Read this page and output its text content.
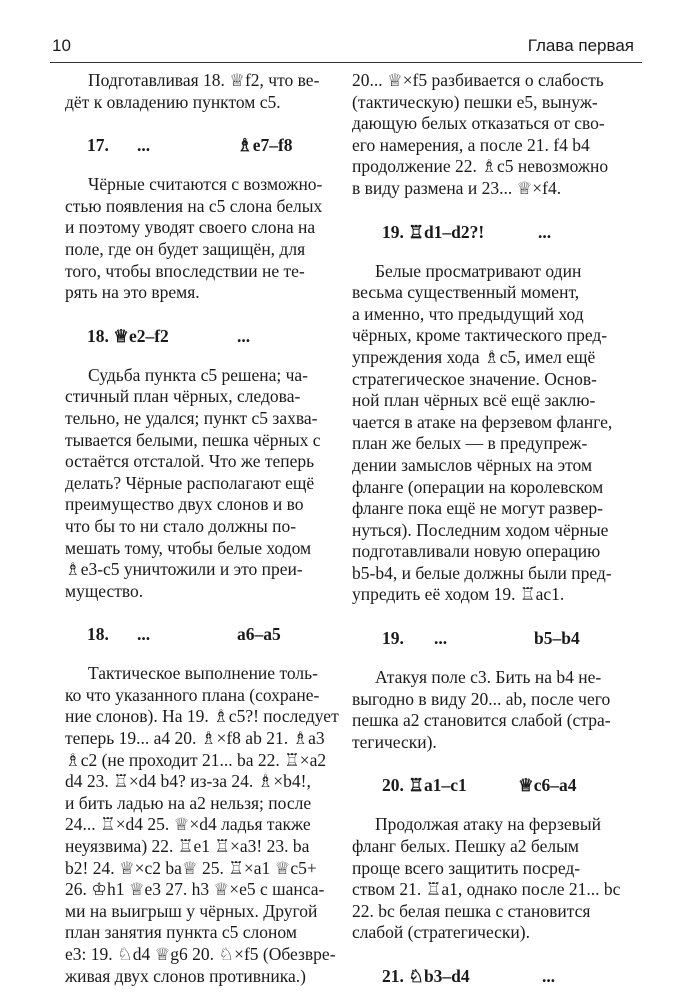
10	Глава первая

Подготавливая 18. ♕f2, что ве-
дёт к овладению пунктом с5.

17.	...	♗e7–f8
Чёрные считаются с возможно-
стью появления на с5 слона белых
и поэтому уводят своего слона на
поле, где он будет защищён, для
того, чтобы впоследствии не те-
рять на это время.
18. ♕e2–f2	...
Судьба пункта с5 решена; ча-
стичный план чёрных, следова-
тельно, не удался; пункт с5 захва-
тывается белыми, пешка чёрных c
остаётся отсталой. Что же теперь
делать? Чёрные располагают ещё
преимущество двух слонов и во
что бы то ни стало должны по-
мешать тому, чтобы белые ходом
♗e3-с5 уничтожили и это преи-
мущество.
18.	...	a6–a5
Тактическое выполнение толь-
ко что указанного плана (сохране-
ние слонов). На 19. ♗c5?! последует
теперь 19... a4 20. ♗×f8 ab 21. ♗a3
♗c2 (не проходит 21... ba 22. ♖×a2
d4 23. ♖×d4 b4? из-за 24. ♗×b4!,
и бить ладью на a2 нельзя; после
24... ♖×d4 25. ♕×d4 ладья также
неуязвима) 22. ♖e1 ♖×a3! 23. ba
b2! 24. ♕×c2 ba♕ 25. ♖×a1 ♕c5+
26. ♔h1 ♕e3 27. h3 ♕×e5 с шанса-
ми на выигрыш у чёрных. Другой
план занятия пункта с5 слоном
e3: 19. ♘d4 ♕g6 20. ♘×f5 (Обезвре-
живая двух слонов противника.)
20... ♕×f5 разбивается о слабость
(тактическую) пешки e5, вынуж-
дающую белых отказаться от сво-
его намерения, а после 21. f4 b4
продолжение 22. ♗c5 невозможно
в виду размена и 23... ♕×f4.
19. ♖d1–d2?!	...
Белые просматривают один
весьма существенный момент,
а именно, что предыдущий ход
чёрных, кроме тактического пред-
упреждения хода ♗c5, имел ещё
стратегическое значение. Основ-
ной план чёрных всё ещё заклю-
чается в атаке на ферзевом фланге,
план же белых — в предупреж-
дении замыслов чёрных на этом
фланге (операции на королевском
фланге пока ещё не могут развер-
нуться). Последним ходом чёрные
подготавливали новую операцию
b5-b4, и белые должны были пред-
упредить её ходом 19. ♖ac1.
19.	...	b5–b4
Атакуя поле с3. Бить на b4 не-
выгодно в виду 20... ab, после чего
пешка a2 становится слабой (стра-
тегически).
20. ♖a1–c1	♕c6–a4
Продолжая атаку на ферзевый
фланг белых. Пешку a2 белым
проще всего защитить посред-
ством 21. ♖a1, однако после 21... bc
22. bc белая пешка c становится
слабой (стратегически).
21. ♘b3–d4	...
